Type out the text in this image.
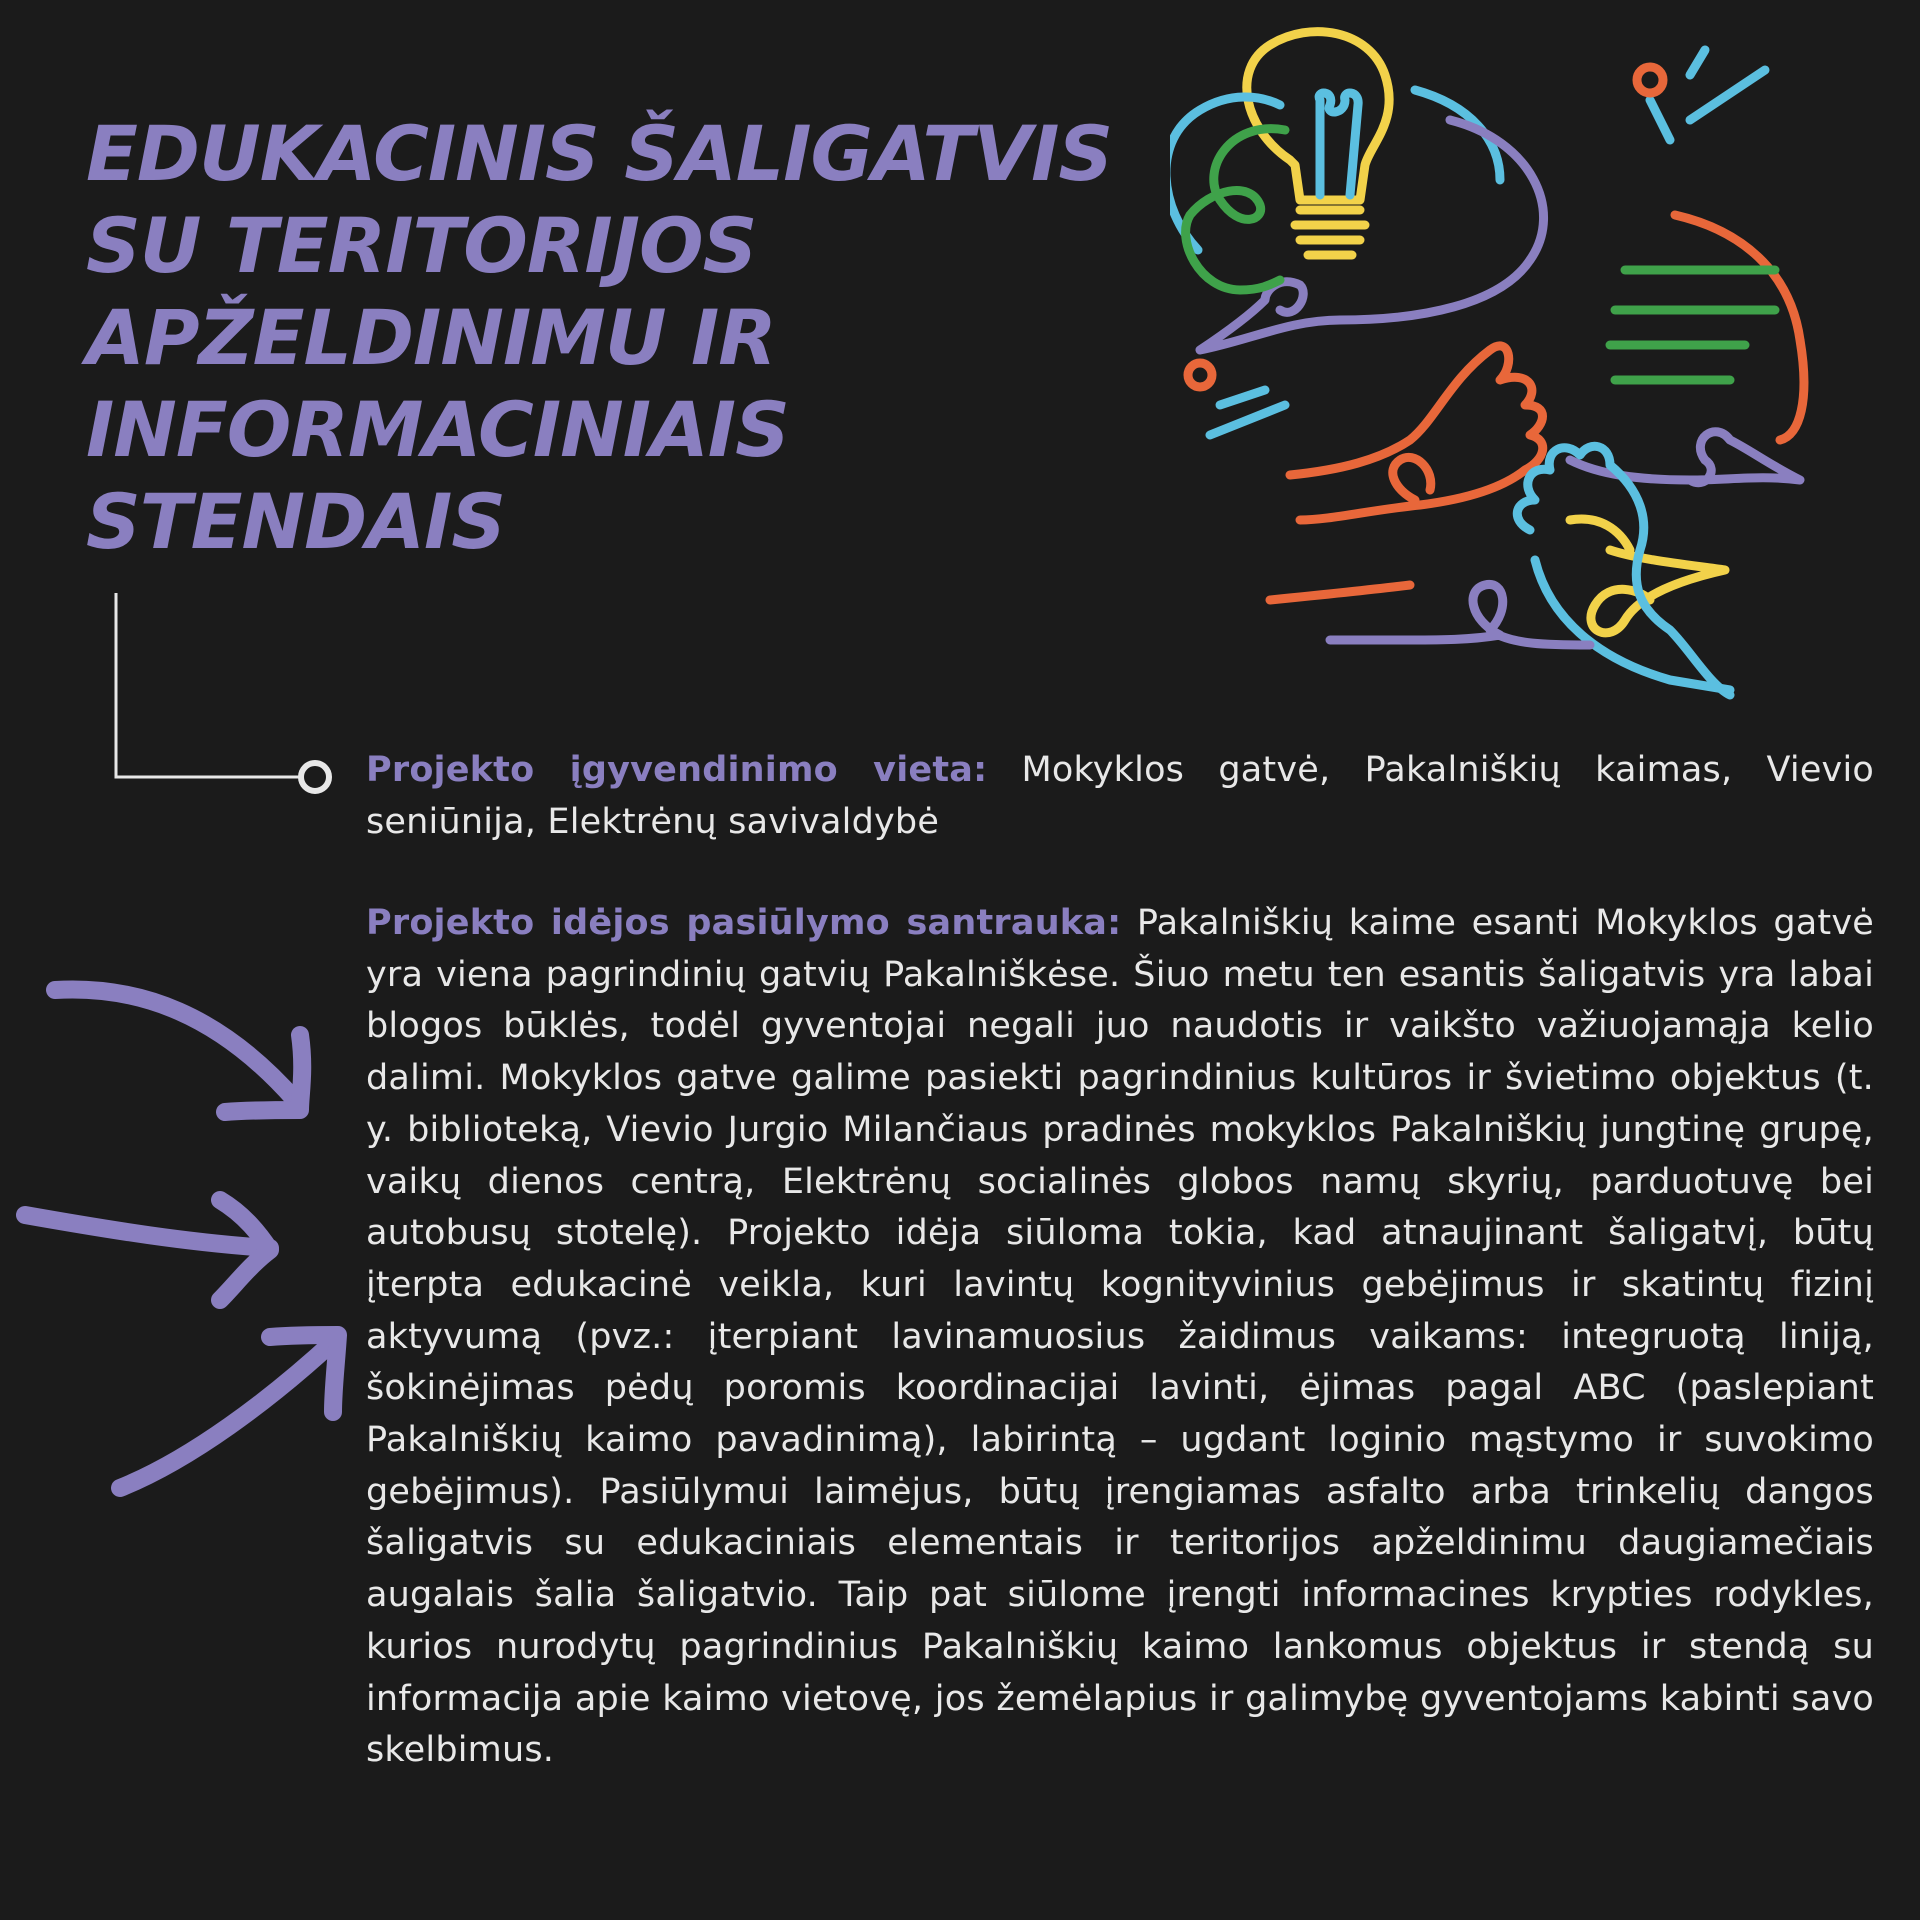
EDUKACINIS ŠALIGATVIS
SU TERITORIJOS
APŽELDINIMU IR
INFORMACINIAIS
STENDAIS

Projekto įgyvendinimo vieta: Mokyklos gatvė, Pakalniškių kaimas, Vievio seniūnija, Elektrėnų savivaldybė

Projekto idėjos pasiūlymo santrauka: Pakalniškių kaime esanti Mokyklos gatvė yra viena pagrindinių gatvių Pakalniškėse. Šiuo metu ten esantis šaligatvis yra labai blogos būklės, todėl gyventojai negali juo naudotis ir vaikšto važiuojamąja kelio dalimi. Mokyklos gatve galime pasiekti pagrindinius kultūros ir švietimo objektus (t. y. biblioteką, Vievio Jurgio Milančiaus pradinės mokyklos Pakalniškių jungtinę grupę, vaikų dienos centrą, Elektrėnų socialinės globos namų skyrių, parduotuvę bei autobusų stotelę). Projekto idėja siūloma tokia, kad atnaujinant šaligatvį, būtų įterpta edukacinė veikla, kuri lavintų kognityvinius gebėjimus ir skatintų fizinį aktyvumą (pvz.: įterpiant lavinamuosius žaidimus vaikams: integruotą liniją, šokinėjimas pėdų poromis koordinacijai lavinti, ėjimas pagal ABC (paslepiant Pakalniškių kaimo pavadinimą), labirintą – ugdant loginio mąstymo ir suvokimo gebėjimus). Pasiūlymui laimėjus, būtų įrengiamas asfalto arba trinkelių dangos šaligatvis su edukaciniais elementais ir teritorijos apželdinimu daugiamečiais augalais šalia šaligatvio. Taip pat siūlome įrengti informacines krypties rodykles, kurios nurodytų pagrindinius Pakalniškių kaimo lankomus objektus ir stendą su informacija apie kaimo vietovę, jos žemėlapius ir galimybę gyventojams kabinti savo skelbimus.
